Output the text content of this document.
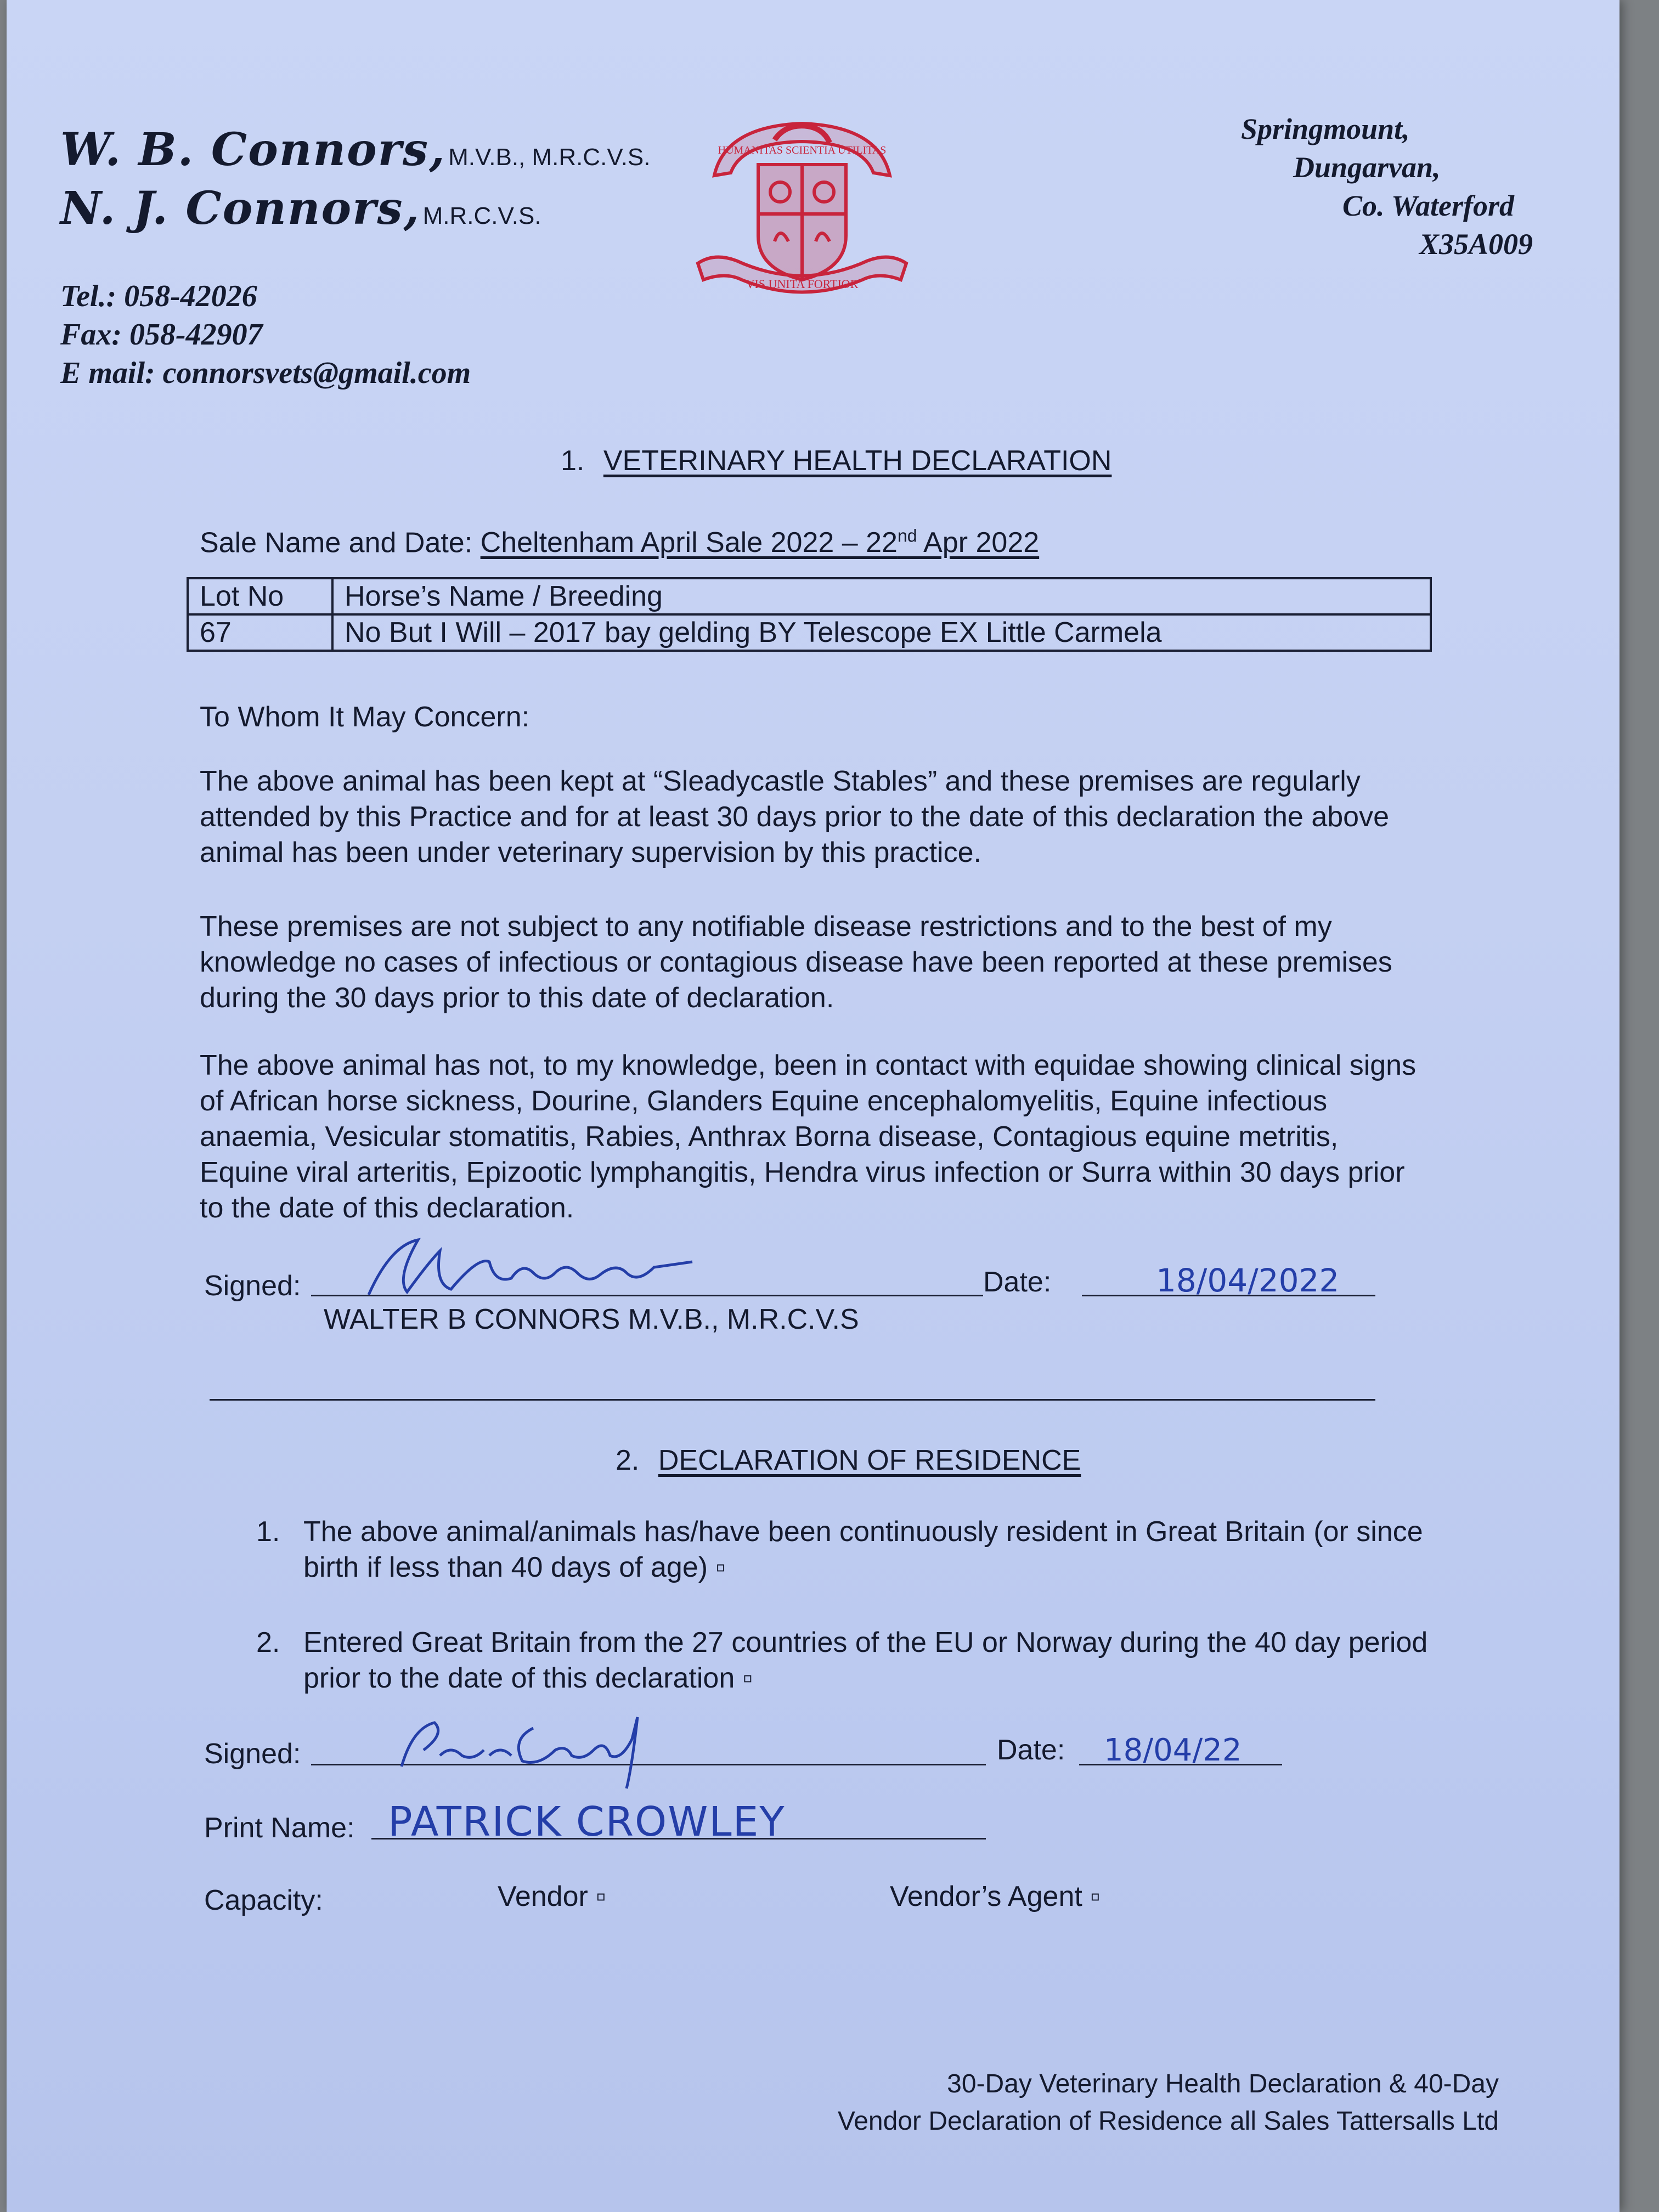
W. B. Connors, M.V.B., M.R.C.V.S.
N. J. Connors, M.R.C.V.S.
Tel.: 058-42026
Fax: 058-42907
E mail: connorsvets@gmail.com
HUMANITAS SCIENTIA UTILITAS
VIS UNITA FORTIOR
Springmount,
Dungarvan,
Co. Waterford
X35A009
1. VETERINARY HEALTH DECLARATION
Sale Name and Date: Cheltenham April Sale 2022 – 22nd Apr 2022
Lot No	Horse’s Name / Breeding
67	No But I Will – 2017 bay gelding BY Telescope EX Little Carmela
To Whom It May Concern:
The above animal has been kept at “Sleadycastle Stables” and these premises are regularly attended by this Practice and for at least 30 days prior to the date of this declaration the above animal has been under veterinary supervision by this practice.
These premises are not subject to any notifiable disease restrictions and to the best of my knowledge no cases of infectious or contagious disease have been reported at these premises during the 30 days prior to this date of declaration.
The above animal has not, to my knowledge, been in contact with equidae showing clinical signs of African horse sickness, Dourine, Glanders Equine encephalomyelitis, Equine infectious anaemia, Vesicular stomatitis, Rabies, Anthrax Borna disease, Contagious equine metritis, Equine viral arteritis, Epizootic lymphangitis, Hendra virus infection or Surra within 30 days prior to the date of this declaration.
Signed:	Date:	18/04/2022
WALTER B CONNORS M.V.B., M.R.C.V.S
2. DECLARATION OF RESIDENCE
1. The above animal/animals has/have been continuously resident in Great Britain (or since birth if less than 40 days of age) ▫
2. Entered Great Britain from the 27 countries of the EU or Norway during the 40 day period prior to the date of this declaration ▫
Signed:	Date: 18/04/22
Print Name: PATRICK CROWLEY
Capacity:	Vendor ▫	Vendor’s Agent ▫
30-Day Veterinary Health Declaration & 40-Day
Vendor Declaration of Residence all Sales Tattersalls Ltd
